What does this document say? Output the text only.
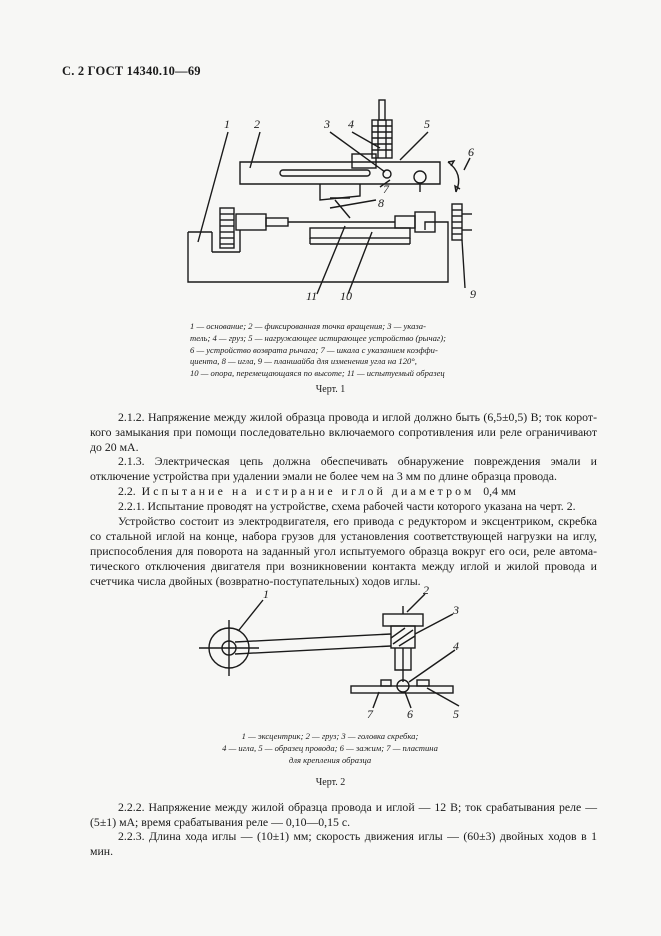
С. 2 ГОСТ 14340.10—69
1 2	3 4	5
6
7
8
9
10
11
1 — основание; 2 — фиксированная точка вращения; 3 — указа-
тель; 4 — груз; 5 — нагружающее истирающее устройство (рычаг);
6 — устройство возврата рычага; 7 — шкала с указанием коэффи-
циента, 8 — игла, 9 — планшайба для изменения угла на 120°,
10 — опора, перемещающаяся по высоте; 11 — испытуемый образец
Черт. 1
2.1.2. Напряжение между жилой образца провода и иглой должно быть (6,5±0,5) В; ток корот-кого замыкания при помощи последовательно включаемого сопротивления или реле ограничивают до 20 мА.
2.1.3. Электрическая цепь должна обеспечивать обнаружение повреждения эмали и отключение устройства при удалении эмали не более чем на 3 мм по длине образца провода.
2.2. Испытание на истирание иглой диаметром 0,4 мм
2.2.1. Испытание проводят на устройстве, схема рабочей части которого указана на черт. 2.
Устройство состоит из электродвигателя, его привода с редуктором и эксцентриком, скребка со стальной иглой на конце, набора грузов для установления соответствующей нагрузки на иглу, приспособления для поворота на заданный угол испытуемого образца вокруг его оси, реле автома-тического отключения двигателя при возникновении контакта между иглой и жилой провода и счетчика числа двойных (возвратно-поступательных) ходов иглы.
1	2
3
4
5
6
7
1 — эксцентрик; 2 — груз; 3 — головка скребка;
4 — игла, 5 — образец провода; 6 — зажим; 7 — пластина
для крепления образца
Черт. 2
2.2.2. Напряжение между жилой образца провода и иглой — 12 В; ток срабатывания реле — (5±1) мА; время срабатывания реле — 0,10—0,15 с.
2.2.3. Длина хода иглы — (10±1) мм; скорость движения иглы — (60±3) двойных ходов в 1 мин.
